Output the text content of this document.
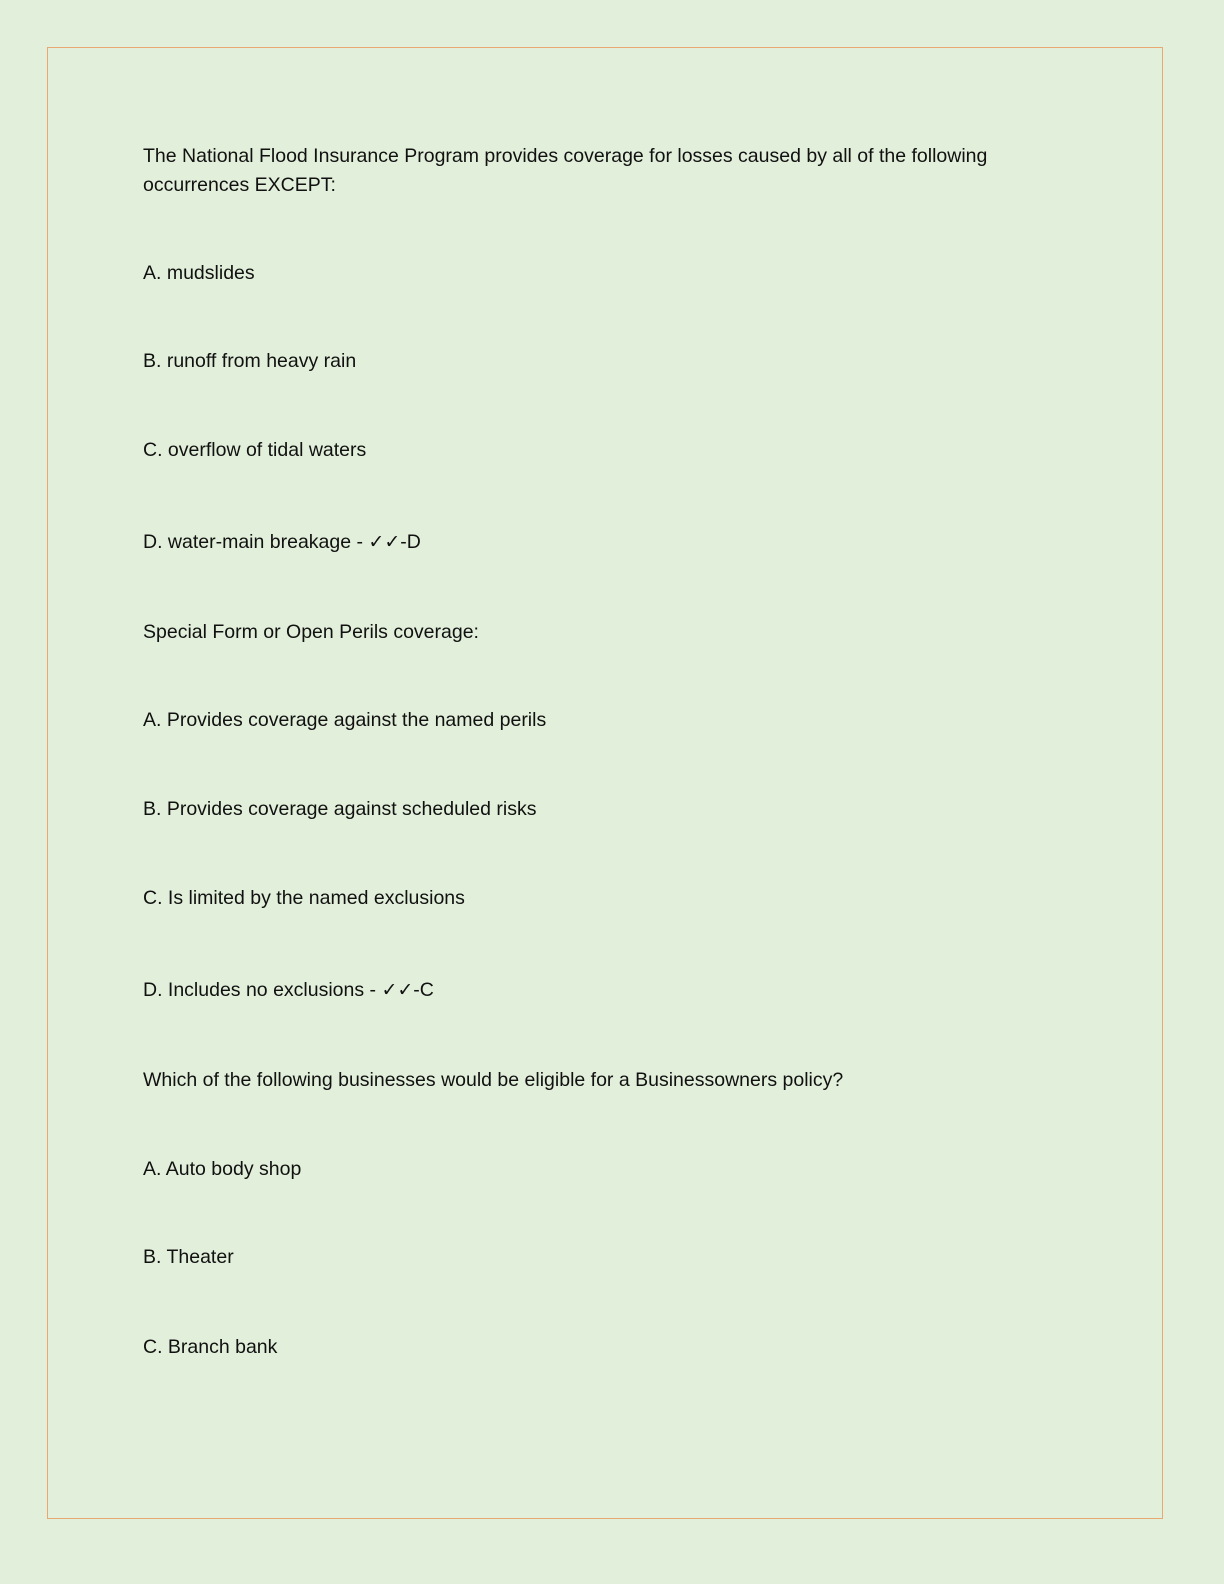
The National Flood Insurance Program provides coverage for losses caused by all of the following occurrences EXCEPT:

A. mudslides

B. runoff from heavy rain

C. overflow of tidal waters

D. water-main breakage - ✓✓-D

Special Form or Open Perils coverage:

A. Provides coverage against the named perils

B. Provides coverage against scheduled risks

C. Is limited by the named exclusions

D. Includes no exclusions - ✓✓-C

Which of the following businesses would be eligible for a Businessowners policy?

A. Auto body shop

B. Theater

C. Branch bank
